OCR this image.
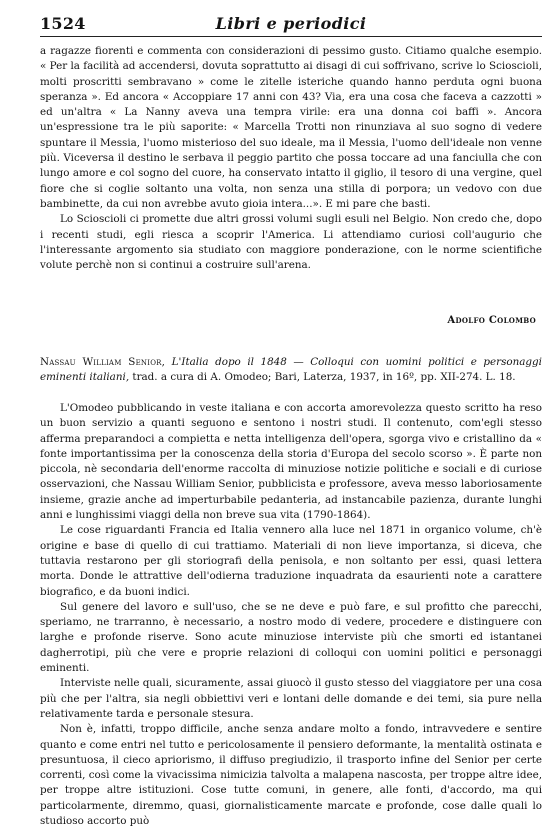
1524	Libri e periodici

a ragazze fiorenti e commenta con considerazioni di pessimo gusto. Citiamo qualche esempio. « Per la facilità ad accendersi, dovuta soprattutto ai disagi di cui soffrivano, scrive lo Scioscioli, molti proscritti sembravano » come le zitelle isteriche quando hanno perduta ogni buona speranza ». Ed ancora « Accoppiare 17 anni con 43? Via, era una cosa che faceva a cazzotti » ed un'altra « La Nanny aveva una tempra virile: era una donna coi baffi ». Ancora un'espressione tra le più saporite: « Marcella Trotti non rinunziava al suo sogno di vedere spuntare il Messia, l'uomo misterioso del suo ideale, ma il Messia, l'uomo dell'ideale non venne più. Viceversa il destino le serbava il peggio partito che possa toccare ad una fanciulla che con lungo amore e col sogno del cuore, ha conservato intatto il giglio, il tesoro di una vergine, quel fiore che si coglie soltanto una volta, non senza una stilla di porpora; un vedovo con due bambinette, da cui non avrebbe avuto gioia intera...». E mi pare che basti.

Lo Scioscioli ci promette due altri grossi volumi sugli esuli nel Belgio. Non credo che, dopo i recenti studi, egli riesca a scoprir l'America. Li attendiamo curiosi coll'augurio che l'interessante argomento sia studiato con maggiore ponderazione, con le norme scientifiche volute perchè non si continui a costruire sull'arena.

Adolfo Colombo
Nassau William Senior, L'Italia dopo il 1848 — Colloqui con uomini politici e personaggi eminenti italiani, trad. a cura di A. Omodeo; Bari, Laterza, 1937, in 16º, pp. XII-274. L. 18.

L'Omodeo pubblicando in veste italiana e con accorta amorevolezza questo scritto ha reso un buon servizio a quanti seguono e sentono i nostri studi. Il contenuto, com'egli stesso afferma preparandoci a compietta e netta intelligenza dell'opera, sgorga vivo e cristallino da « fonte importantissima per la conoscenza della storia d'Europa del secolo scorso ». È parte non piccola, nè secondaria dell'enorme raccolta di minuziose notizie politiche e sociali e di curiose osservazioni, che Nassau William Senior, pubblicista e professore, aveva messo laboriosamente insieme, grazie anche ad imperturbabile pedanteria, ad instancabile pazienza, durante lunghi anni e lunghissimi viaggi della non breve sua vita (1790-1864).

Le cose riguardanti Francia ed Italia vennero alla luce nel 1871 in organico volume, ch'è origine e base di quello di cui trattiamo. Materiali di non lieve importanza, si diceva, che tuttavia restarono per gli storiografi della penisola, e non soltanto per essi, quasi lettera morta. Donde le attrattive dell'odierna traduzione inquadrata da esaurienti note a carattere biografico, e da buoni indici.

Sul genere del lavoro e sull'uso, che se ne deve e può fare, e sul profitto che parecchi, speriamo, ne trarranno, è necessario, a nostro modo di vedere, procedere e distinguere con larghe e profonde riserve. Sono acute minuziose interviste più che smorti ed istantanei dagherrotipi, più che vere e proprie relazioni di colloqui con uomini politici e personaggi eminenti.

Interviste nelle quali, sicuramente, assai giuocò il gusto stesso del viaggiatore per una cosa più che per l'altra, sia negli obbiettivi veri e lontani delle domande e dei temi, sia pure nella relativamente tarda e personale stesura.

Non è, infatti, troppo difficile, anche senza andare molto a fondo, intravvedere e sentire quanto e come entri nel tutto e pericolosamente il pensiero deformante, la mentalità ostinata e presuntuosa, il cieco apriorismo, il diffuso pregiudizio, il trasporto infine del Senior per certe correnti, così come la vivacissima nimicizia talvolta a malapena nascosta, per troppe altre idee, per troppe altre istituzioni. Cose tutte comuni, in genere, alle fonti, d'accordo, ma qui particolarmente, diremmo, quasi, giornalisticamente marcate e profonde, cose dalle quali lo studioso accorto può
